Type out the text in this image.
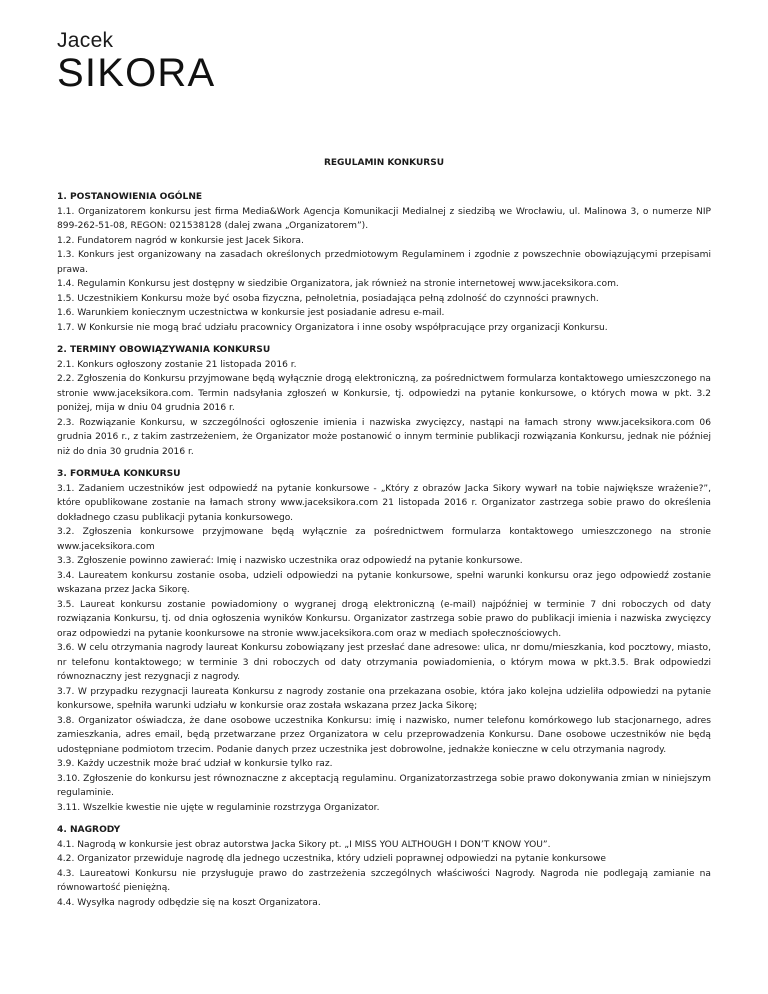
Jacek
SIKORA
REGULAMIN KONKURSU
1. POSTANOWIENIA OGÓLNE

1.1. Organizatorem konkursu jest firma Media&Work Agencja Komunikacji Medialnej z siedzibą we Wrocławiu, ul. Malinowa 3, o numerze NIP 899-262-51-08, REGON: 021538128 (dalej zwana „Organizatorem”).

1.2. Fundatorem nagród w konkursie jest Jacek Sikora.

1.3. Konkurs jest organizowany na zasadach określonych przedmiotowym Regulaminem i zgodnie z powszechnie obowiązującymi przepisami prawa.

1.4. Regulamin Konkursu jest dostępny w siedzibie Organizatora, jak również na stronie internetowej www.jaceksikora.com.

1.5. Uczestnikiem Konkursu może być osoba fizyczna, pełnoletnia, posiadająca pełną zdolność do czynności prawnych.

1.6. Warunkiem koniecznym uczestnictwa w konkursie jest posiadanie adresu e-mail.

1.7. W Konkursie nie mogą brać udziału pracownicy Organizatora i inne osoby współpracujące przy organizacji Konkursu.

2. TERMINY OBOWIĄZYWANIA KONKURSU

2.1. Konkurs ogłoszony zostanie 21 listopada 2016 r.

2.2. Zgłoszenia do Konkursu przyjmowane będą wyłącznie drogą elektroniczną, za pośrednictwem formularza kontaktowego umieszczonego na stronie www.jaceksikora.com. Termin nadsyłania zgłoszeń w Konkursie, tj. odpowiedzi na pytanie konkursowe, o których mowa w pkt. 3.2 poniżej, mija w dniu 04 grudnia 2016 r.

2.3. Rozwiązanie Konkursu, w szczególności ogłoszenie imienia i nazwiska zwycięzcy, nastąpi na łamach strony www.jaceksikora.com 06 grudnia 2016 r., z takim zastrzeżeniem, że Organizator może postanowić o innym terminie publikacji rozwiązania Konkursu, jednak nie później niż do dnia 30 grudnia 2016 r.

3. FORMUŁA KONKURSU

3.1. Zadaniem uczestników jest odpowiedź na pytanie konkursowe - „Który z obrazów Jacka Sikory wywarł na tobie największe wrażenie?”, które opublikowane zostanie na łamach strony www.jaceksikora.com 21 listopada 2016 r. Organizator zastrzega sobie prawo do określenia dokładnego czasu publikacji pytania konkursowego.

3.2. Zgłoszenia konkursowe przyjmowane będą wyłącznie za pośrednictwem formularza kontaktowego umieszczonego na stronie www.jaceksikora.com

3.3. Zgłoszenie powinno zawierać: Imię i nazwisko uczestnika oraz odpowiedź na pytanie konkursowe.

3.4. Laureatem konkursu zostanie osoba, udzieli odpowiedzi na pytanie konkursowe, spełni warunki konkursu oraz jego odpowiedź zostanie wskazana przez Jacka Sikorę.

3.5. Laureat konkursu zostanie powiadomiony o wygranej drogą elektroniczną (e-mail) najpóźniej w terminie 7 dni roboczych od daty rozwiązania Konkursu, tj. od dnia ogłoszenia wyników Konkursu. Organizator zastrzega sobie prawo do publikacji imienia i nazwiska zwycięzcy oraz odpowiedzi na pytanie koonkursowe na stronie www.jaceksikora.com oraz w mediach społecznościowych.

3.6. W celu otrzymania nagrody laureat Konkursu zobowiązany jest przesłać dane adresowe: ulica, nr domu/mieszkania, kod pocztowy, miasto, nr telefonu kontaktowego; w terminie 3 dni roboczych od daty otrzymania powiadomienia, o którym mowa w pkt.3.5. Brak odpowiedzi równoznaczny jest rezygnacji z nagrody.

3.7. W przypadku rezygnacji laureata Konkursu z nagrody zostanie ona przekazana osobie, która jako kolejna udzieliła odpowiedzi na pytanie konkursowe, spełniła warunki udziału w konkursie oraz została wskazana przez Jacka Sikorę;

3.8. Organizator oświadcza, że dane osobowe uczestnika Konkursu: imię i nazwisko, numer telefonu komórkowego lub stacjonarnego, adres zamieszkania, adres email, będą przetwarzane przez Organizatora w celu przeprowadzenia Konkursu. Dane osobowe uczestników nie będą udostępniane podmiotom trzecim. Podanie danych przez uczestnika jest dobrowolne, jednakże konieczne w celu otrzymania nagrody.

3.9. Każdy uczestnik może brać udział w konkursie tylko raz.

3.10. Zgłoszenie do konkursu jest równoznaczne z akceptacją regulaminu. Organizatorzastrzega sobie prawo dokonywania zmian w niniejszym regulaminie.

3.11. Wszelkie kwestie nie ujęte w regulaminie rozstrzyga Organizator.

4. NAGRODY

4.1. Nagrodą w konkursie jest obraz autorstwa Jacka Sikory pt. „I MISS YOU ALTHOUGH I DON’T KNOW YOU”.

4.2. Organizator przewiduje nagrodę dla jednego uczestnika, który udzieli poprawnej odpowiedzi na pytanie konkursowe

4.3. Laureatowi Konkursu nie przysługuje prawo do zastrzeżenia szczególnych właściwości Nagrody. Nagroda nie podlegają zamianie na równowartość pieniężną.

4.4. Wysyłka nagrody odbędzie się na koszt Organizatora.
